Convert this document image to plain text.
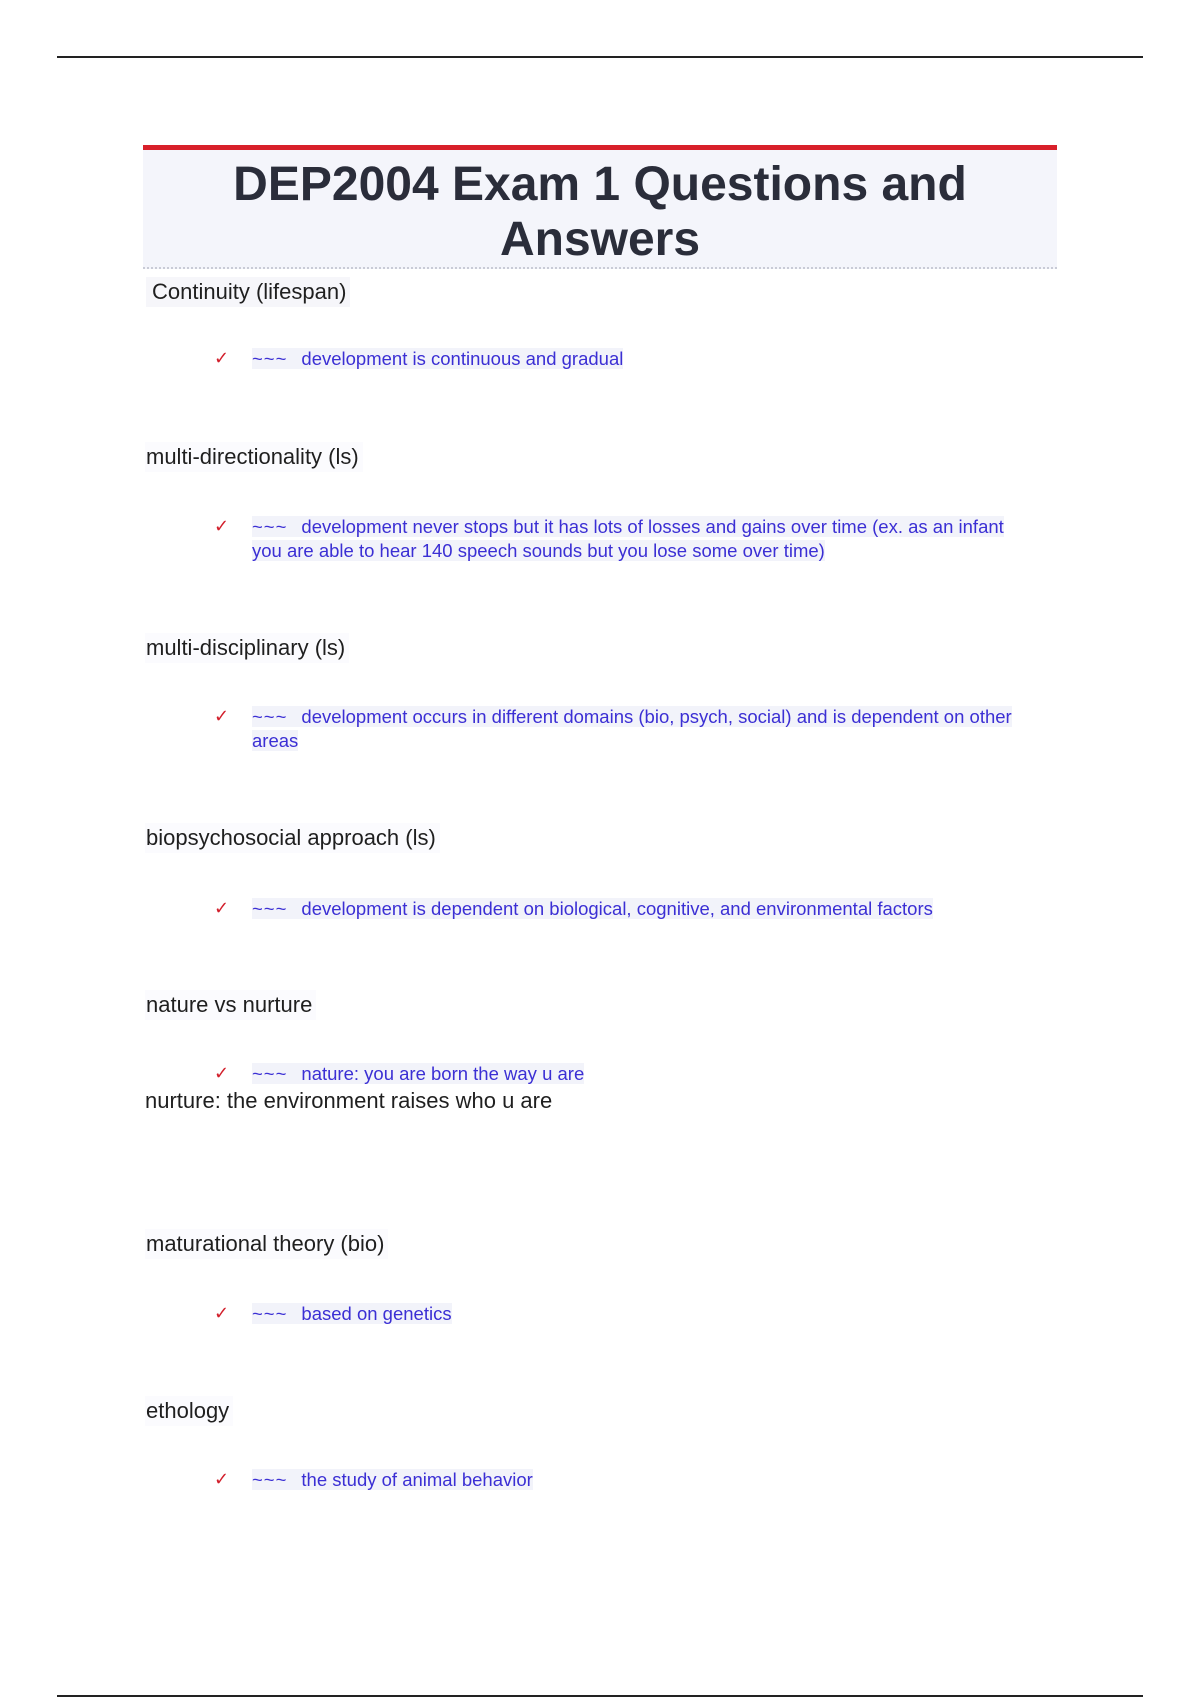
DEP2004 Exam 1 Questions and Answers
Continuity (lifespan)
✓ ~~~ development is continuous and gradual
multi-directionality (ls)
✓ ~~~ development never stops but it has lots of losses and gains over time (ex. as an infant you are able to hear 140 speech sounds but you lose some over time)
multi-disciplinary (ls)
✓ ~~~ development occurs in different domains (bio, psych, social) and is dependent on other areas
biopsychosocial approach (ls)
✓ ~~~ development is dependent on biological, cognitive, and environmental factors
nature vs nurture
✓ ~~~ nature: you are born the way u are
nurture: the environment raises who u are
maturational theory (bio)
✓ ~~~ based on genetics
ethology
✓ ~~~ the study of animal behavior
